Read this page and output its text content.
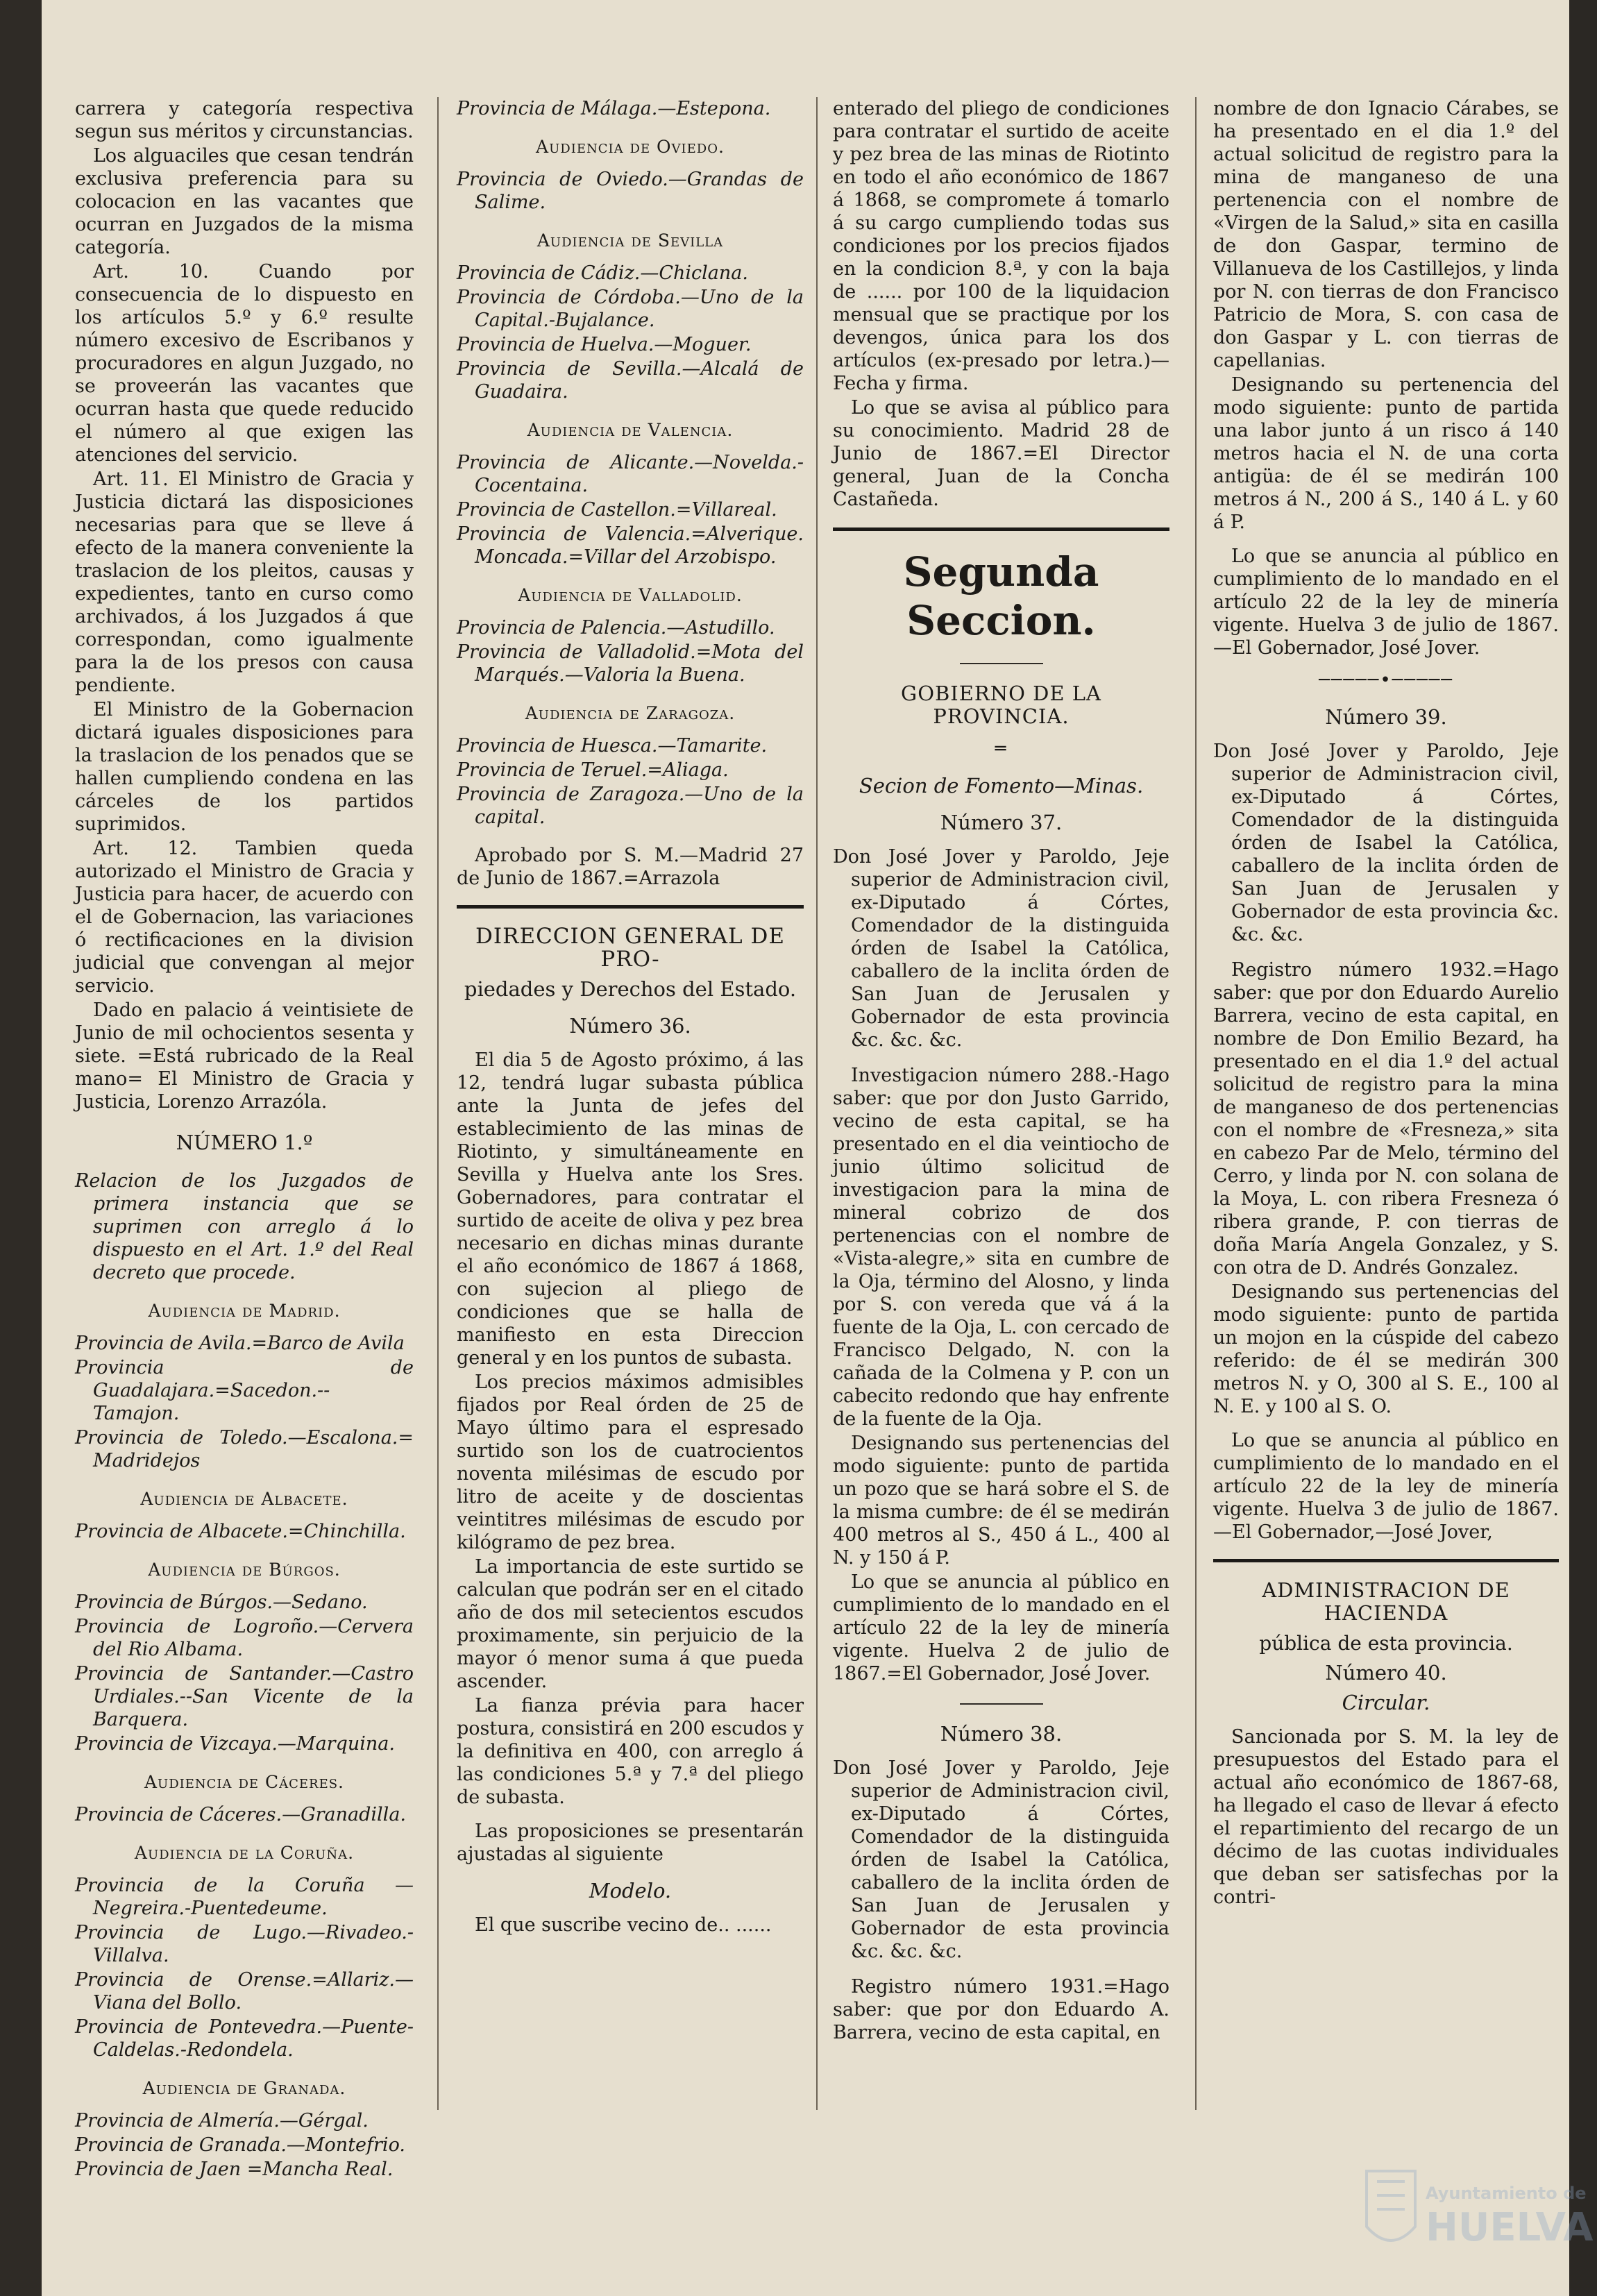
carrera y categoría respectiva segun sus méritos y circunstancias.

Los alguaciles que cesan tendrán exclusiva preferencia para su colocacion en las vacantes que ocurran en Juzgados de la misma categoría.

Art. 10. Cuando por consecuencia de lo dispuesto en los artículos 5.º y 6.º resulte número excesivo de Escribanos y procuradores en algun Juzgado, no se proveerán las vacantes que ocurran hasta que quede reducido el número al que exigen las atenciones del servicio.

Art. 11. El Ministro de Gracia y Justicia dictará las disposiciones necesarias para que se lleve á efecto de la manera conveniente la traslacion de los pleitos, causas y expedientes, tanto en curso como archivados, á los Juzgados á que correspondan, como igualmente para la de los presos con causa pendiente.

El Ministro de la Gobernacion dictará iguales disposiciones para la traslacion de los penados que se hallen cumpliendo condena en las cárceles de los partidos suprimidos.

Art. 12. Tambien queda autorizado el Ministro de Gracia y Justicia para hacer, de acuerdo con el de Gobernacion, las variaciones ó rectificaciones en la division judicial que convengan al mejor servicio.

Dado en palacio á veintisiete de Junio de mil ochocientos sesenta y siete. =Está rubricado de la Real mano= El Ministro de Gracia y Justicia, Lorenzo Arrazóla.

NÚMERO 1.º

Relacion de los Juzgados de primera instancia que se suprimen con arreglo á lo dispuesto en el Art. 1.º del Real decreto que procede.

Audiencia de Madrid.

Provincia de Avila.=Barco de Avila

Provincia de Guadalajara.=Sacedon.--Tamajon.

Provincia de Toledo.—Escalona.= Madridejos

Audiencia de Albacete.

Provincia de Albacete.=Chinchilla.

Audiencia de Búrgos.

Provincia de Búrgos.—Sedano.

Provincia de Logroño.—Cervera del Rio Albama.

Provincia de Santander.—Castro Urdiales.--San Vicente de la Barquera.

Provincia de Vizcaya.—Marquina.

Audiencia de Cáceres.

Provincia de Cáceres.—Granadilla.

Audiencia de la Coruña.

Provincia de la Coruña —Negreira.-Puentedeume.

Provincia de Lugo.—Rivadeo.-Villalva.

Provincia de Orense.=Allariz.—Viana del Bollo.

Provincia de Pontevedra.—Puente-Caldelas.-Redondela.

Audiencia de Granada.

Provincia de Almería.—Gérgal.

Provincia de Granada.—Montefrio.

Provincia de Jaen =Mancha Real.

Provincia de Málaga.—Estepona.

Audiencia de Oviedo.

Provincia de Oviedo.—Grandas de Salime.

Audiencia de Sevilla

Provincia de Cádiz.—Chiclana.

Provincia de Córdoba.—Uno de la Capital.-Bujalance.

Provincia de Huelva.—Moguer.

Provincia de Sevilla.—Alcalá de Guadaira.

Audiencia de Valencia.

Provincia de Alicante.—Novelda.-Cocentaina.

Provincia de Castellon.=Villareal.

Provincia de Valencia.=Alverique. Moncada.=Villar del Arzobispo.

Audiencia de Valladolid.

Provincia de Palencia.—Astudillo.

Provincia de Valladolid.=Mota del Marqués.—Valoria la Buena.

Audiencia de Zaragoza.

Provincia de Huesca.—Tamarite.

Provincia de Teruel.=Aliaga.

Provincia de Zaragoza.—Uno de la capital.

Aprobado por S. M.—Madrid 27 de Junio de 1867.=Arrazola

DIRECCION GENERAL DE PRO-

piedades y Derechos del Estado.

Número 36.

El dia 5 de Agosto próximo, á las 12, tendrá lugar subasta pública ante la Junta de jefes del establecimiento de las minas de Riotinto, y simultáneamente en Sevilla y Huelva ante los Sres. Gobernadores, para contratar el surtido de aceite de oliva y pez brea necesario en dichas minas durante el año económico de 1867 á 1868, con sujecion al pliego de condiciones que se halla de manifiesto en esta Direccion general y en los puntos de subasta.

Los precios máximos admisibles fijados por Real órden de 25 de Mayo último para el espresado surtido son los de cuatrocientos noventa milésimas de escudo por litro de aceite y de doscientas veintitres milésimas de escudo por kilógramo de pez brea.

La importancia de este surtido se calculan que podrán ser en el citado año de dos mil setecientos escudos proximamente, sin perjuicio de la mayor ó menor suma á que pueda ascender.

La fianza prévia para hacer postura, consistirá en 200 escudos y la definitiva en 400, con arreglo á las condiciones 5.ª y 7.ª del pliego de subasta.

Las proposiciones se presentarán ajustadas al siguiente

Modelo.

El que suscribe vecino de.. ......

enterado del pliego de condiciones para contratar el surtido de aceite y pez brea de las minas de Riotinto en todo el año económico de 1867 á 1868, se compromete á tomarlo á su cargo cumpliendo todas sus condiciones por los precios fijados en la condicion 8.ª, y con la baja de ...... por 100 de la liquidacion mensual que se practique por los devengos, única para los dos artículos (ex-presado por letra.)—Fecha y firma.

Lo que se avisa al público para su conocimiento. Madrid 28 de Junio de 1867.=El Director general, Juan de la Concha Castañeda.

Segunda Seccion.

GOBIERNO DE LA PROVINCIA.

═

Secion de Fomento—Minas.

Número 37.

Don José Jover y Paroldo, Jeje superior de Administracion civil, ex-Diputado á Córtes, Comendador de la distinguida órden de Isabel la Católica, caballero de la inclita órden de San Juan de Jerusalen y Gobernador de esta provincia &c. &c. &c.

Investigacion número 288.-Hago saber: que por don Justo Garrido, vecino de esta capital, se ha presentado en el dia veintiocho de junio último solicitud de investigacion para la mina de mineral cobrizo de dos pertenencias con el nombre de «Vista-alegre,» sita en cumbre de la Oja, término del Alosno, y linda por S. con vereda que vá á la fuente de la Oja, L. con cercado de Francisco Delgado, N. con la cañada de la Colmena y P. con un cabecito redondo que hay enfrente de la fuente de la Oja.

Designando sus pertenencias del modo siguiente: punto de partida un pozo que se hará sobre el S. de la misma cumbre: de él se medirán 400 metros al S., 450 á L., 400 al N. y 150 á P.

Lo que se anuncia al público en cumplimiento de lo mandado en el artículo 22 de la ley de minería vigente. Huelva 2 de julio de 1867.=El Gobernador, José Jover.

Número 38.

Don José Jover y Paroldo, Jeje superior de Administracion civil, ex-Diputado á Córtes, Comendador de la distinguida órden de Isabel la Católica, caballero de la inclita órden de San Juan de Jerusalen y Gobernador de esta provincia &c. &c. &c.

Registro número 1931.=Hago saber: que por don Eduardo A. Barrera, vecino de esta capital, en

nombre de don Ignacio Cárabes, se ha presentado en el dia 1.º del actual solicitud de registro para la mina de manganeso de una pertenencia con el nombre de «Virgen de la Salud,» sita en casilla de don Gaspar, termino de Villanueva de los Castillejos, y linda por N. con tierras de don Francisco Patricio de Mora, S. con casa de don Gaspar y L. con tierras de capellanias.

Designando su pertenencia del modo siguiente: punto de partida una labor junto á un risco á 140 metros hacia el N. de una corta antigüa: de él se medirán 100 metros á N., 200 á S., 140 á L. y 60 á P.

Lo que se anuncia al público en cumplimiento de lo mandado en el artículo 22 de la ley de minería vigente. Huelva 3 de julio de 1867.—El Gobernador, José Jover.

─────•─────

Número 39.

Don José Jover y Paroldo, Jeje superior de Administracion civil, ex-Diputado á Córtes, Comendador de la distinguida órden de Isabel la Católica, caballero de la inclita órden de San Juan de Jerusalen y Gobernador de esta provincia &c. &c. &c.

Registro número 1932.=Hago saber: que por don Eduardo Aurelio Barrera, vecino de esta capital, en nombre de Don Emilio Bezard, ha presentado en el dia 1.º del actual solicitud de registro para la mina de manganeso de dos pertenencias con el nombre de «Fresneza,» sita en cabezo Par de Melo, término del Cerro, y linda por N. con solana de la Moya, L. con ribera Fresneza ó ribera grande, P. con tierras de doña María Angela Gonzalez, y S. con otra de D. Andrés Gonzalez.

Designando sus pertenencias del modo siguiente: punto de partida un mojon en la cúspide del cabezo referido: de él se medirán 300 metros N. y O, 300 al S. E., 100 al N. E. y 100 al S. O.

Lo que se anuncia al público en cumplimiento de lo mandado en el artículo 22 de la ley de minería vigente. Huelva 3 de julio de 1867.—El Gobernador,—José Jover,

ADMINISTRACION DE HACIENDA

pública de esta provincia.

Número 40.

Circular.

Sancionada por S. M. la ley de presupuestos del Estado para el actual año económico de 1867-68, ha llegado el caso de llevar á efecto el repartimiento del recargo de un décimo de las cuotas individuales que deban ser satisfechas por la contri-

Ayuntamiento de
HUELVA
